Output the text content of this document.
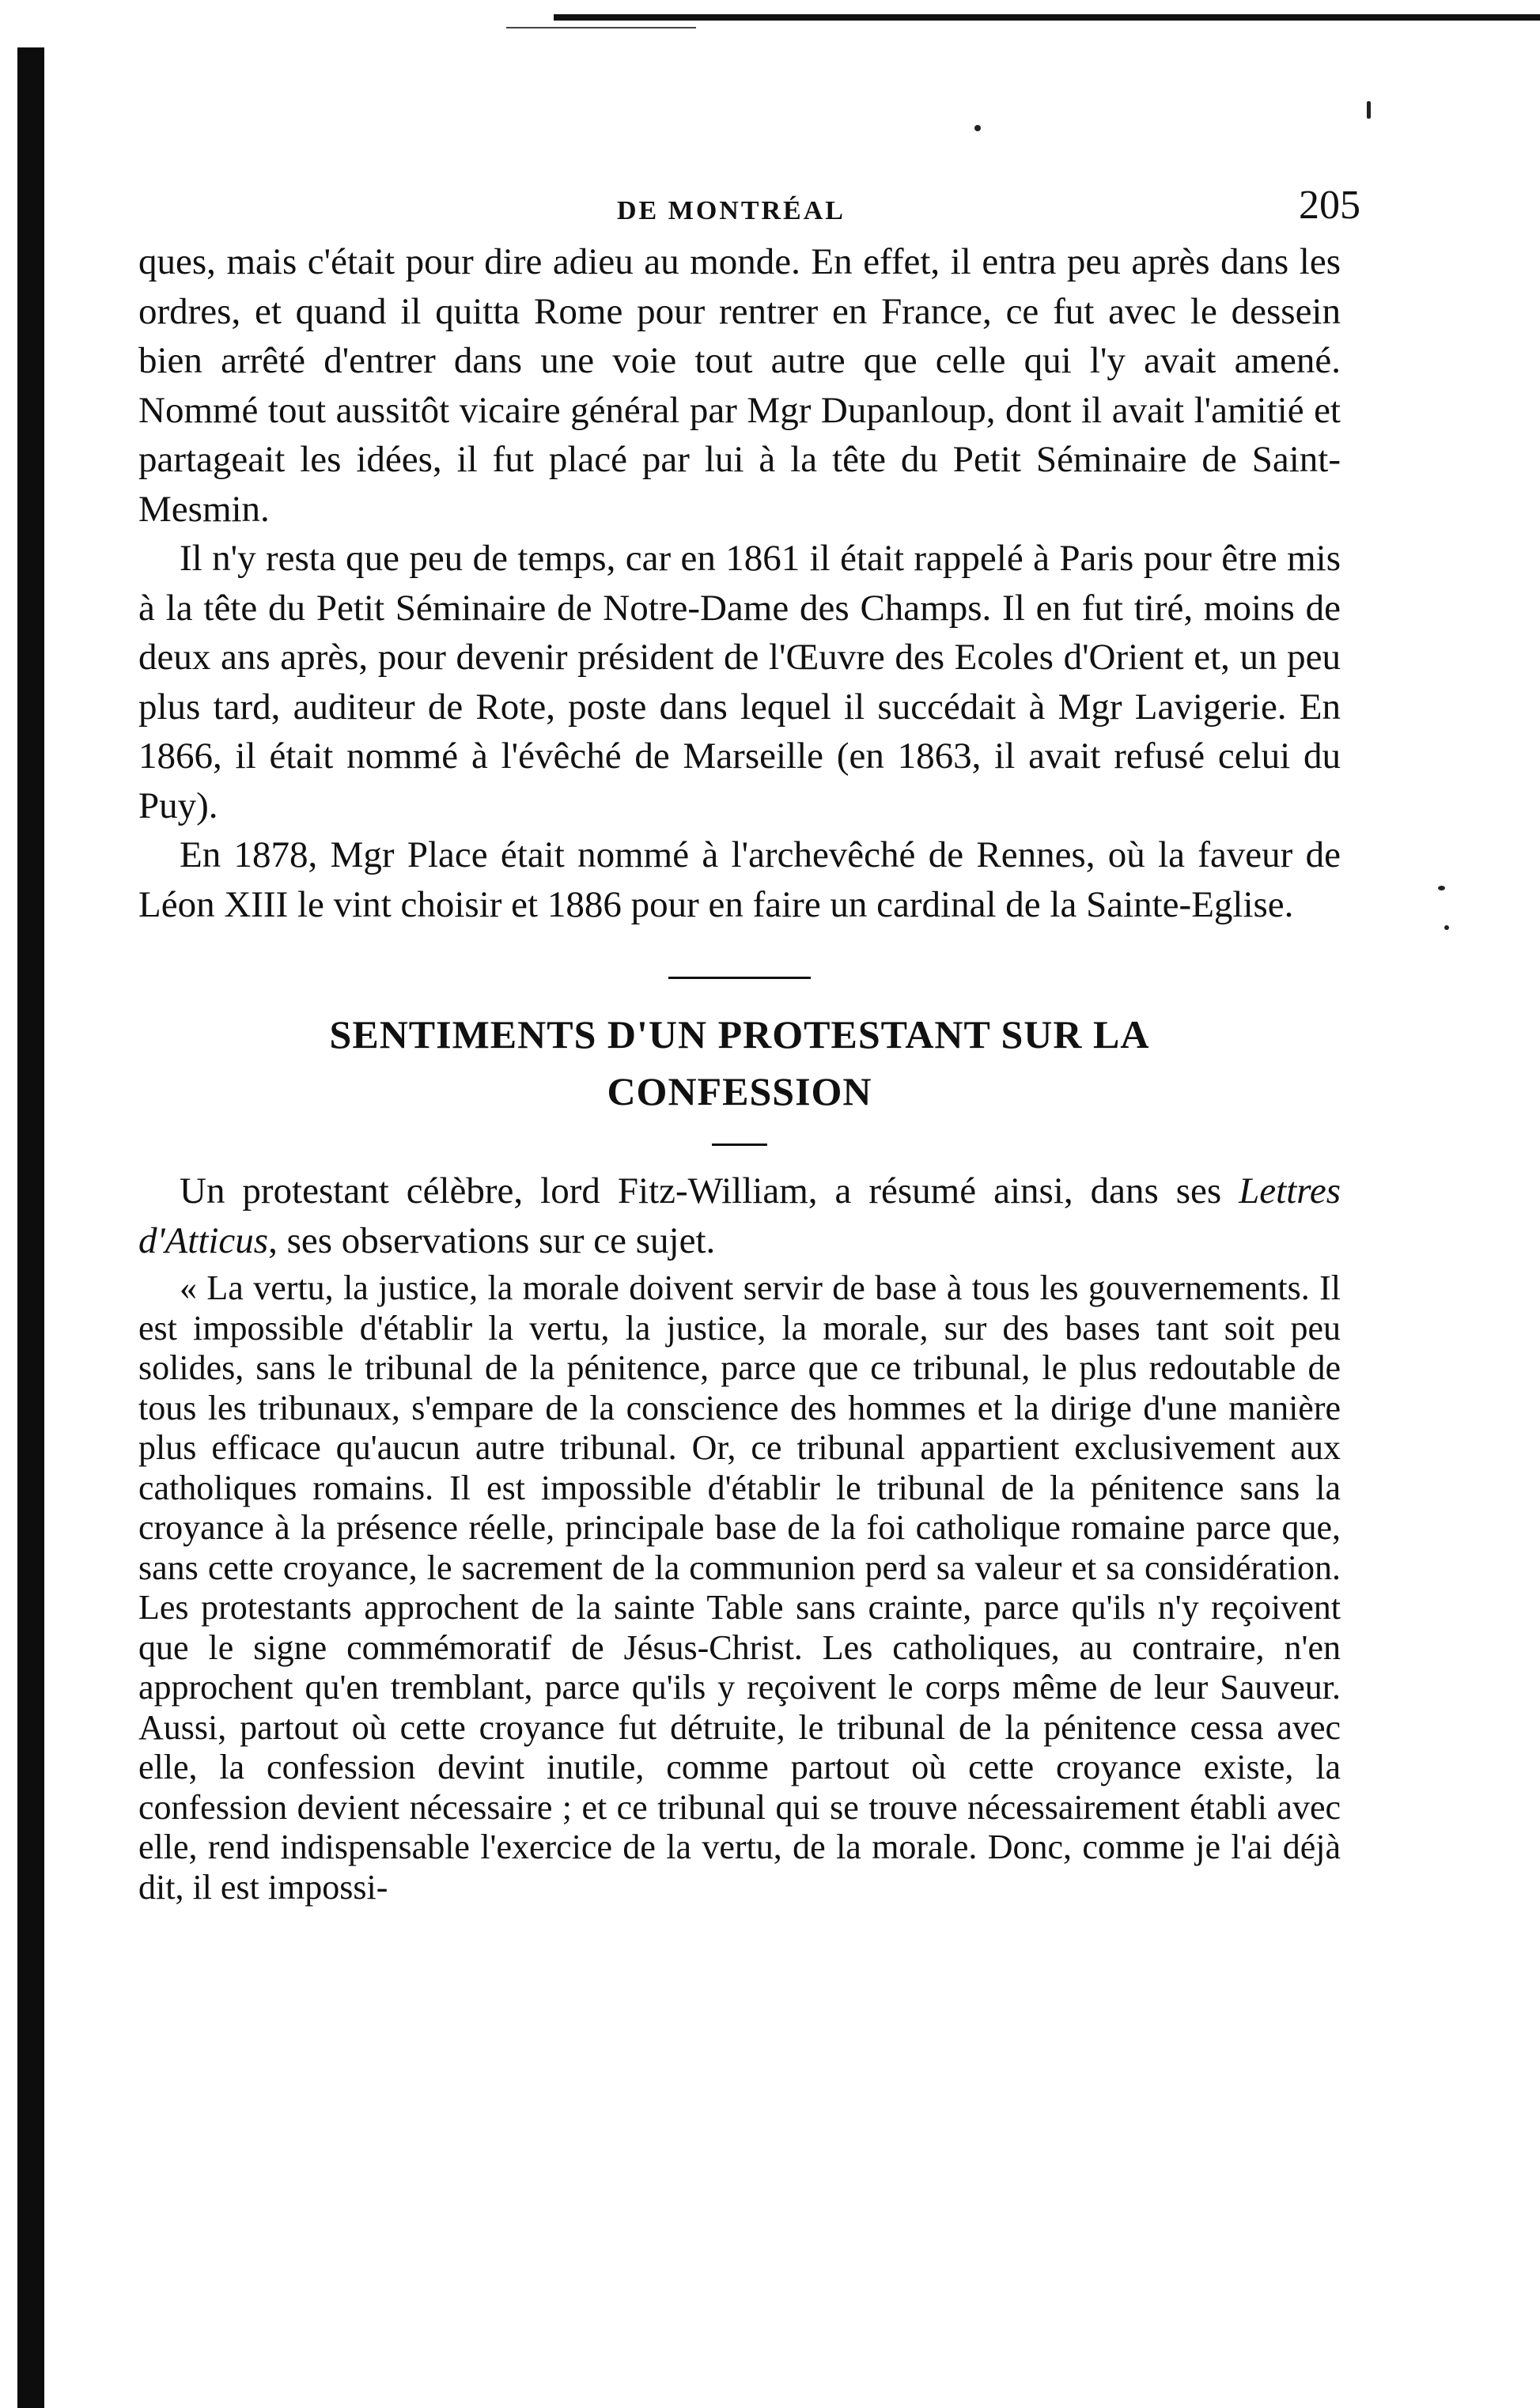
DE MONTRÉAL	205

ques, mais c'était pour dire adieu au monde. En effet, il entra peu après dans les ordres, et quand il quitta Rome pour rentrer en France, ce fut avec le dessein bien arrêté d'entrer dans une voie tout autre que celle qui l'y avait amené. Nommé tout aussitôt vicaire général par Mgr Dupanloup, dont il avait l'amitié et partageait les idées, il fut placé par lui à la tête du Petit Séminaire de Saint-Mesmin.

Il n'y resta que peu de temps, car en 1861 il était rappelé à Paris pour être mis à la tête du Petit Séminaire de Notre-Dame des Champs. Il en fut tiré, moins de deux ans après, pour devenir président de l'Œuvre des Ecoles d'Orient et, un peu plus tard, auditeur de Rote, poste dans lequel il succédait à Mgr Lavigerie. En 1866, il était nommé à l'évêché de Marseille (en 1863, il avait refusé celui du Puy).

En 1878, Mgr Place était nommé à l'archevêché de Rennes, où la faveur de Léon XIII le vint choisir et 1886 pour en faire un cardinal de la Sainte-Eglise.

SENTIMENTS D'UN PROTESTANT SUR LA
CONFESSION

Un protestant célèbre, lord Fitz-William, a résumé ainsi, dans ses Lettres d'Atticus, ses observations sur ce sujet.

« La vertu, la justice, la morale doivent servir de base à tous les gouvernements. Il est impossible d'établir la vertu, la justice, la morale, sur des bases tant soit peu solides, sans le tribunal de la pénitence, parce que ce tribunal, le plus redoutable de tous les tribunaux, s'empare de la conscience des hommes et la dirige d'une manière plus efficace qu'aucun autre tribunal. Or, ce tribunal appartient exclusivement aux catholiques romains. Il est impossible d'établir le tribunal de la pénitence sans la croyance à la présence réelle, principale base de la foi catholique romaine parce que, sans cette croyance, le sacrement de la communion perd sa valeur et sa considération. Les protestants approchent de la sainte Table sans crainte, parce qu'ils n'y reçoivent que le signe commémoratif de Jésus-Christ. Les catholiques, au contraire, n'en approchent qu'en tremblant, parce qu'ils y reçoivent le corps même de leur Sauveur. Aussi, partout où cette croyance fut détruite, le tribunal de la pénitence cessa avec elle, la confession devint inutile, comme partout où cette croyance existe, la confession devient nécessaire ; et ce tribunal qui se trouve nécessairement établi avec elle, rend indispensable l'exercice de la vertu, de la morale. Donc, comme je l'ai déjà dit, il est impossi-
